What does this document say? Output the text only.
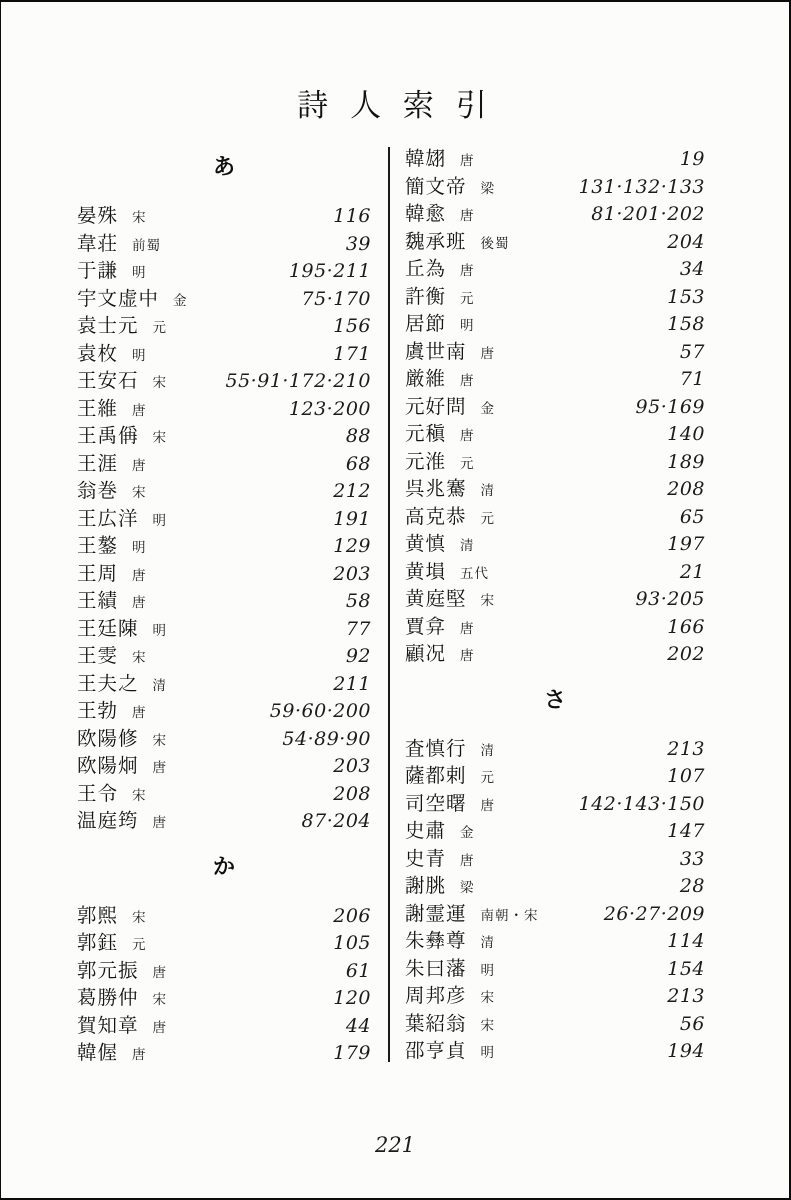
詩 人 索 引
あ
晏殊 宋	116
韋荘 前蜀	39
于謙 明	195·211
宇文虚中 金	75·170
袁士元 元	156
袁枚 明	171
王安石 宋	55·91·172·210
王維 唐	123·200
王禹偁 宋	88
王涯 唐	68
翁巻 宋	212
王広洋 明	191
王鏊 明	129
王周 唐	203
王績 唐	58
王廷陳 明	77
王雯 宋	92
王夫之 清	211
王勃 唐	59·60·200
欧陽修 宋	54·89·90
欧陽炯 唐	203
王令 宋	208
温庭筠 唐	87·204
か
郭煕 宋	206
郭鈺 元	105
郭元振 唐	61
葛勝仲 宋	120
賀知章 唐	44
韓偓 唐	179
韓翃 唐	19
簡文帝 梁	131·132·133
韓愈 唐	81·201·202
魏承班 後蜀	204
丘為 唐	34
許衡 元	153
居節 明	158
虞世南 唐	57
厳維 唐	71
元好問 金	95·169
元稹 唐	140
元淮 元	189
呉兆騫 清	208
高克恭 元	65
黄慎 清	197
黄塤 五代	21
黄庭堅 宋	93·205
賈弇 唐	166
顧况 唐	202
さ
査慎行 清	213
薩都剌 元	107
司空曙 唐	142·143·150
史肅 金	147
史青 唐	33
謝朓 梁	28
謝霊運 南朝・宋	26·27·209
朱彝尊 清	114
朱曰藩 明	154
周邦彦 宋	213
葉紹翁 宋	56
邵亨貞 明	194
221
